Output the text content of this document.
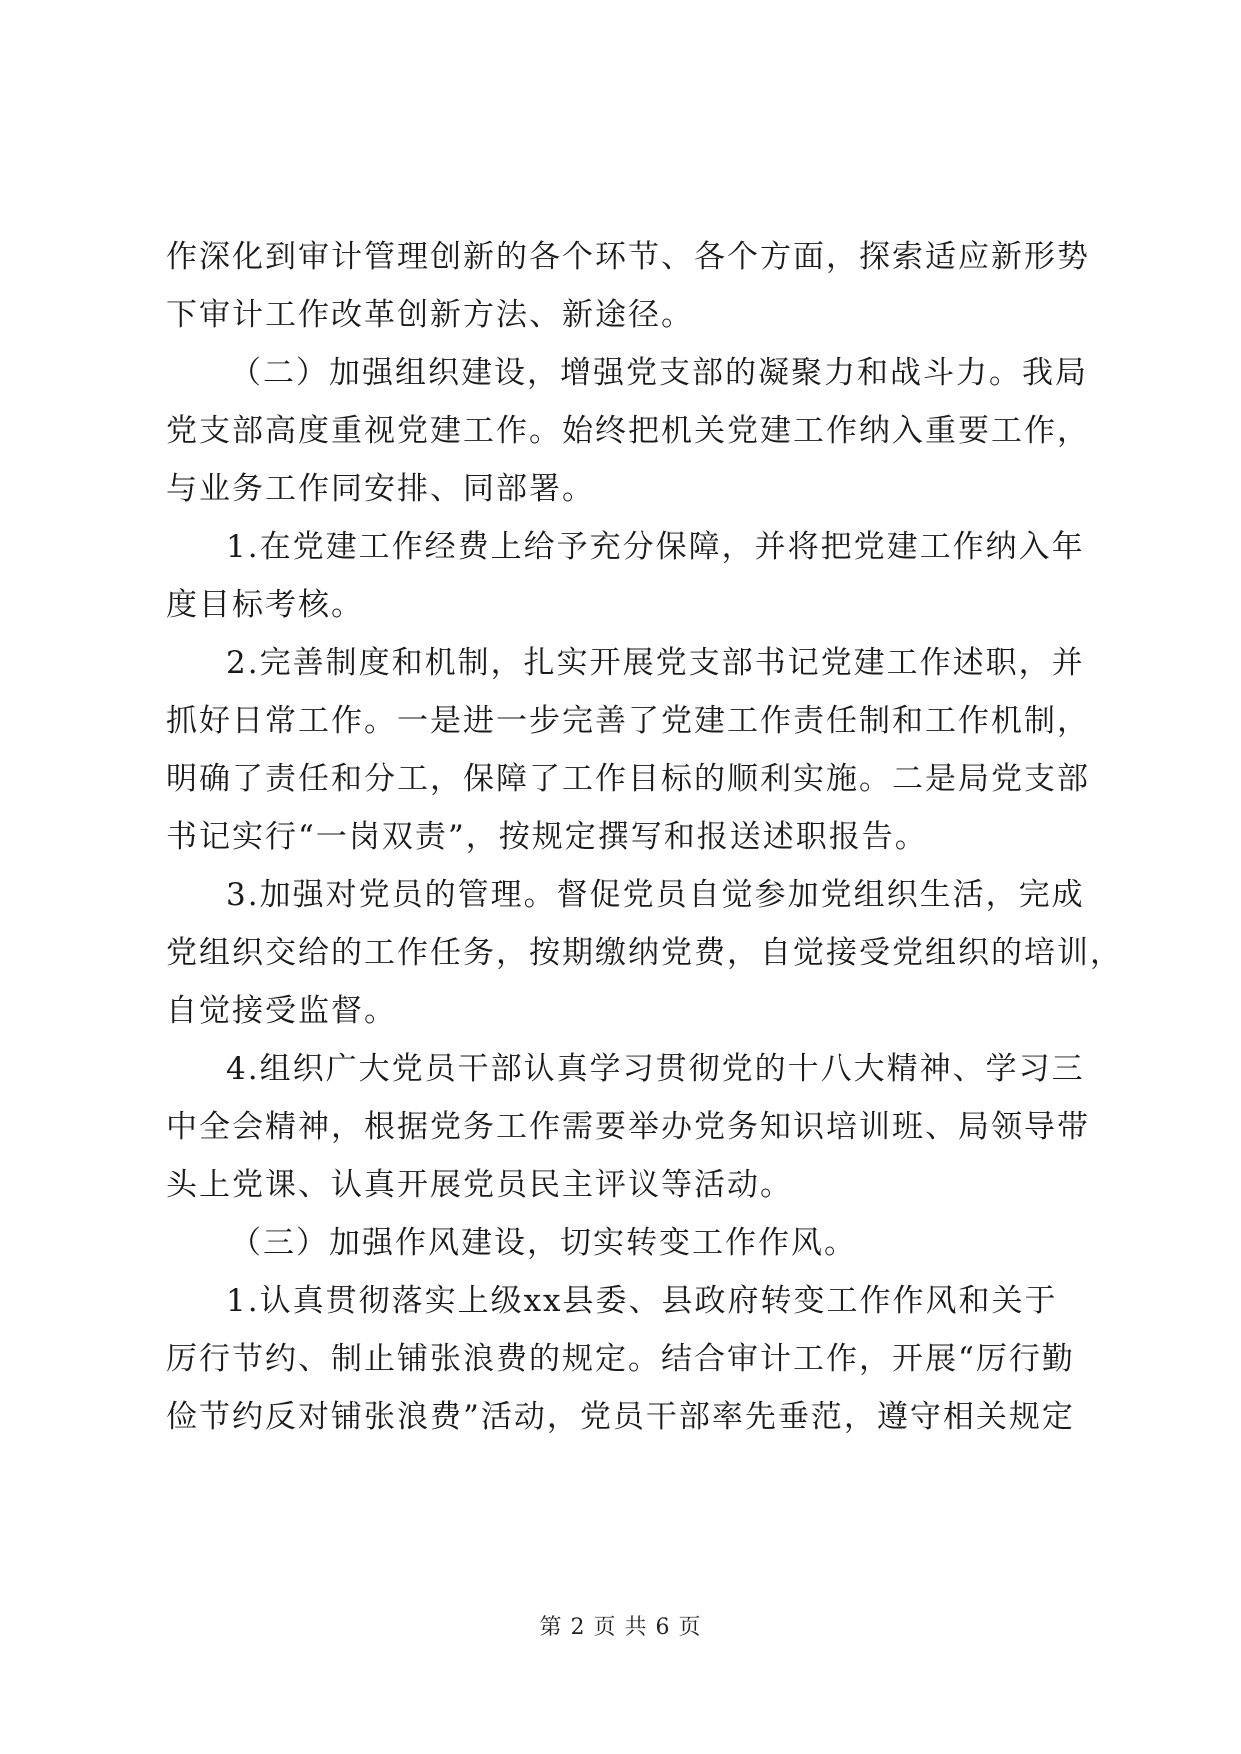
作深化到审计管理创新的各个环节、各个方面，探索适应新形势
下审计工作改革创新方法、新途径。
（二）加强组织建设，增强党支部的凝聚力和战斗力。我局
党支部高度重视党建工作。始终把机关党建工作纳入重要工作，
与业务工作同安排、同部署。
1.在党建工作经费上给予充分保障，并将把党建工作纳入年
度目标考核。
2.完善制度和机制，扎实开展党支部书记党建工作述职，并
抓好日常工作。一是进一步完善了党建工作责任制和工作机制，
明确了责任和分工，保障了工作目标的顺利实施。二是局党支部
书记实行“一岗双责”，按规定撰写和报送述职报告。
3.加强对党员的管理。督促党员自觉参加党组织生活，完成
党组织交给的工作任务，按期缴纳党费，自觉接受党组织的培训，
自觉接受监督。
4.组织广大党员干部认真学习贯彻党的十八大精神、学习三
中全会精神，根据党务工作需要举办党务知识培训班、局领导带
头上党课、认真开展党员民主评议等活动。
（三）加强作风建设，切实转变工作作风。
1.认真贯彻落实上级xx县委、县政府转变工作作风和关于
厉行节约、制止铺张浪费的规定。结合审计工作，开展“厉行勤
俭节约反对铺张浪费”活动，党员干部率先垂范，遵守相关规定
第 2 页 共 6 页
